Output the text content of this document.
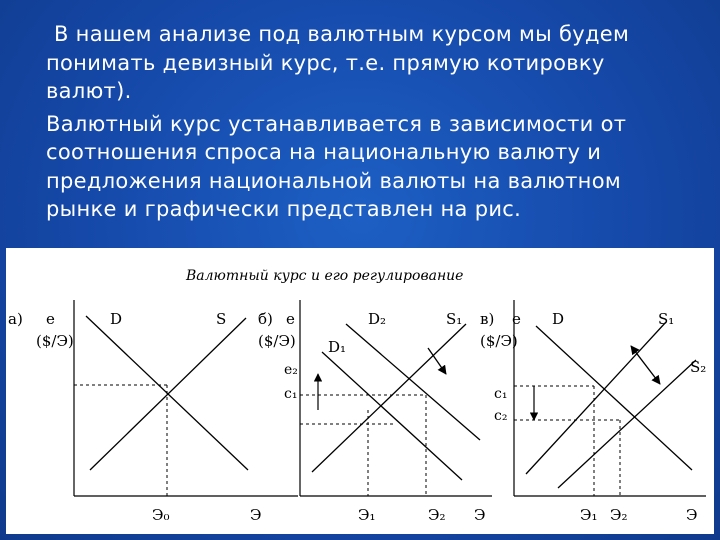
В нашем анализе под валютным курсом мы будем понимать девизный курс, т.е. прямую котировку валют).

Валютный курс устанавливается в зависимости от соотношения спроса на национальную валюту и предложения национальной валюты на валютном рынке и графически представлен на рис.

Валютный курс и его регулирование
а) e
($/Э)
D	S
Э₀	Э
б) e
($/Э) D₁
D₂	S₁
e₂
c₁
Э₁	Э₂ Э
в) e
($/Э)
D	S₁
S₂
c₁
c₂
Э₁ Э₂	Э
